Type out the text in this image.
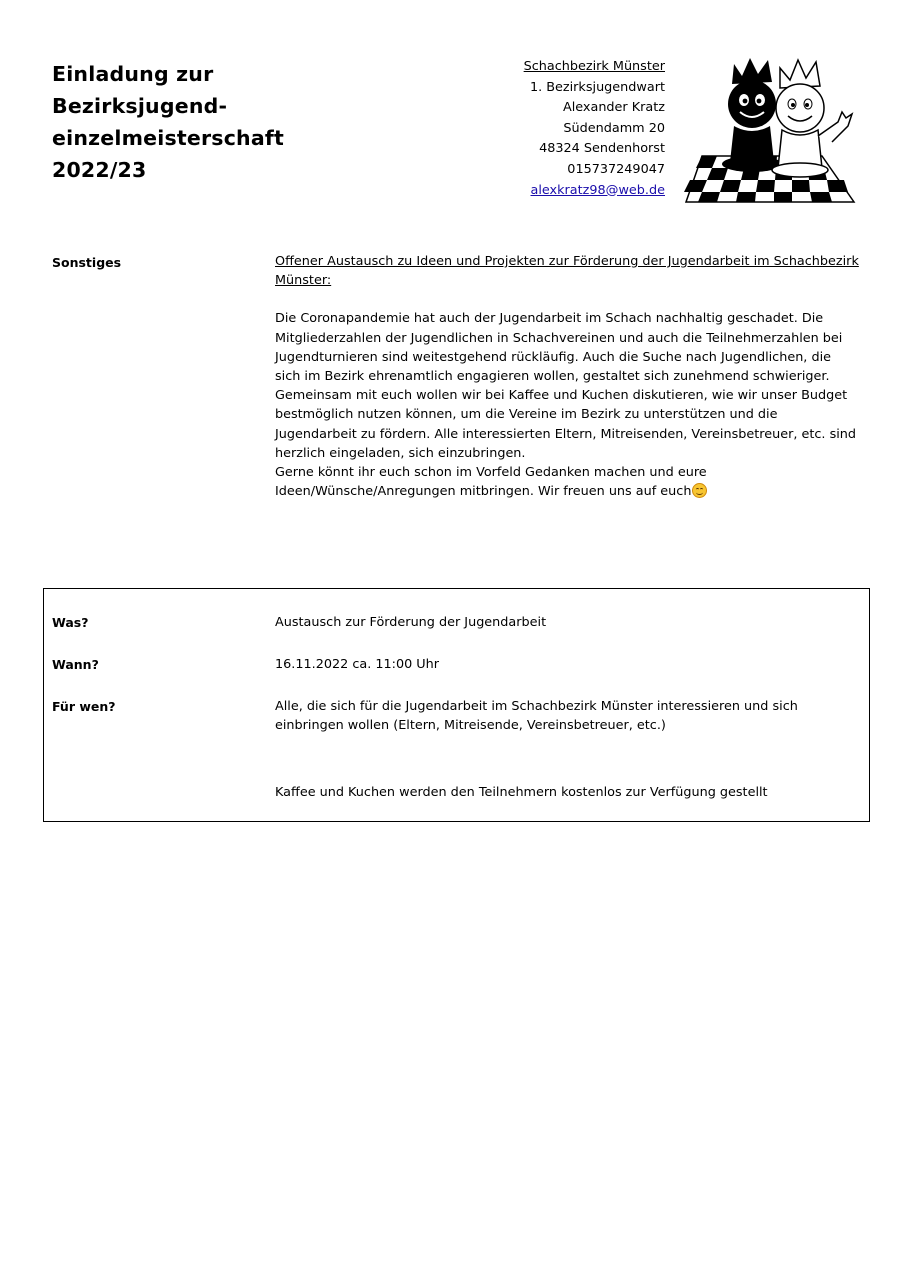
Einladung zur
Bezirksjugend-
einzelmeisterschaft
2022/23
Schachbezirk Münster
1. Bezirksjugendwart
Alexander Kratz
Südendamm 20
48324 Sendenhorst
015737249047
alexkratz98@web.de
Sonstiges	Offener Austausch zu Ideen und Projekten zur Förderung der Jugendarbeit im Schachbezirk Münster:

Die Coronapandemie hat auch der Jugendarbeit im Schach nachhaltig geschadet. Die Mitgliederzahlen der Jugendlichen in Schachvereinen und auch die Teilnehmerzahlen bei Jugendturnieren sind weitestgehend rückläufig. Auch die Suche nach Jugendlichen, die sich im Bezirk ehrenamtlich engagieren wollen, gestaltet sich zunehmend schwieriger. Gemeinsam mit euch wollen wir bei Kaffee und Kuchen diskutieren, wie wir unser Budget bestmöglich nutzen können, um die Vereine im Bezirk zu unterstützen und die Jugendarbeit zu fördern. Alle interessierten Eltern, Mitreisenden, Vereinsbetreuer, etc. sind herzlich eingeladen, sich einzubringen.

Gerne könnt ihr euch schon im Vorfeld Gedanken machen und eure Ideen/Wünsche/Anregungen mitbringen. Wir freuen uns auf euch

Was?	Austausch zur Förderung der Jugendarbeit
Wann?	16.11.2022 ca. 11:00 Uhr
Für wen?	Alle, die sich für die Jugendarbeit im Schachbezirk Münster interessieren und sich einbringen wollen (Eltern, Mitreisende, Vereinsbetreuer, etc.)
Kaffee und Kuchen werden den Teilnehmern kostenlos zur Verfügung gestellt
